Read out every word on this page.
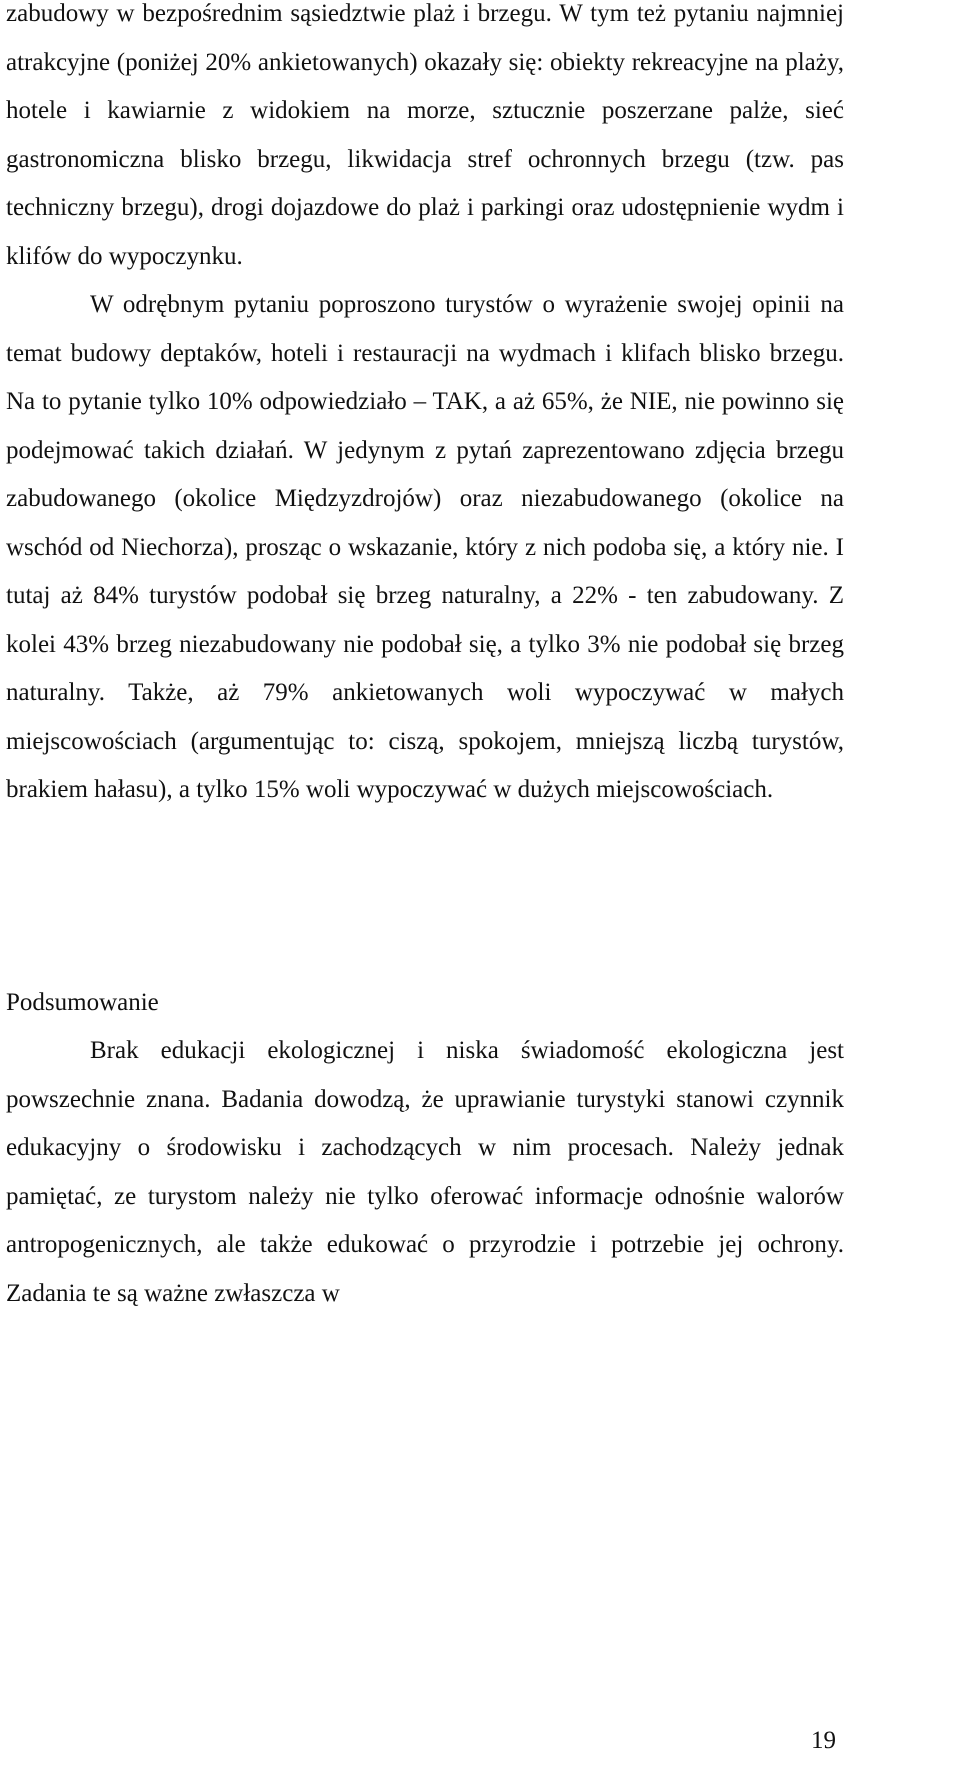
zabudowy w bezpośrednim sąsiedztwie plaż i brzegu. W tym też pytaniu najmniej atrakcyjne (poniżej 20% ankietowanych) okazały się: obiekty rekreacyjne na plaży, hotele i kawiarnie z widokiem na morze, sztucznie poszerzane palże, sieć gastronomiczna blisko brzegu, likwidacja stref ochronnych brzegu (tzw. pas techniczny brzegu), drogi dojazdowe do plaż i parkingi oraz udostępnienie wydm i klifów do wypoczynku.

W odrębnym pytaniu poproszono turystów o wyrażenie swojej opinii na temat budowy deptaków, hoteli i restauracji na wydmach i klifach blisko brzegu. Na to pytanie tylko 10% odpowiedziało – TAK, a aż 65%, że NIE, nie powinno się podejmować takich działań. W jedynym z pytań zaprezentowano zdjęcia brzegu zabudowanego (okolice Międzyzdrojów) oraz niezabudowanego (okolice na wschód od Niechorza), prosząc o wskazanie, który z nich podoba się, a który nie. I tutaj aż 84% turystów podobał się brzeg naturalny, a 22% - ten zabudowany. Z kolei 43% brzeg niezabudowany nie podobał się, a tylko 3% nie podobał się brzeg naturalny. Także, aż 79% ankietowanych woli wypoczywać w małych miejscowościach (argumentując to: ciszą, spokojem, mniejszą liczbą turystów, brakiem hałasu), a tylko 15% woli wypoczywać w dużych miejscowościach.

Podsumowanie

Brak edukacji ekologicznej i niska świadomość ekologiczna jest powszechnie znana. Badania dowodzą, że uprawianie turystyki stanowi czynnik edukacyjny o środowisku i zachodzących w nim procesach. Należy jednak pamiętać, ze turystom należy nie tylko oferować informacje odnośnie walorów antropogenicznych, ale także edukować o przyrodzie i potrzebie jej ochrony. Zadania te są ważne zwłaszcza w

19
